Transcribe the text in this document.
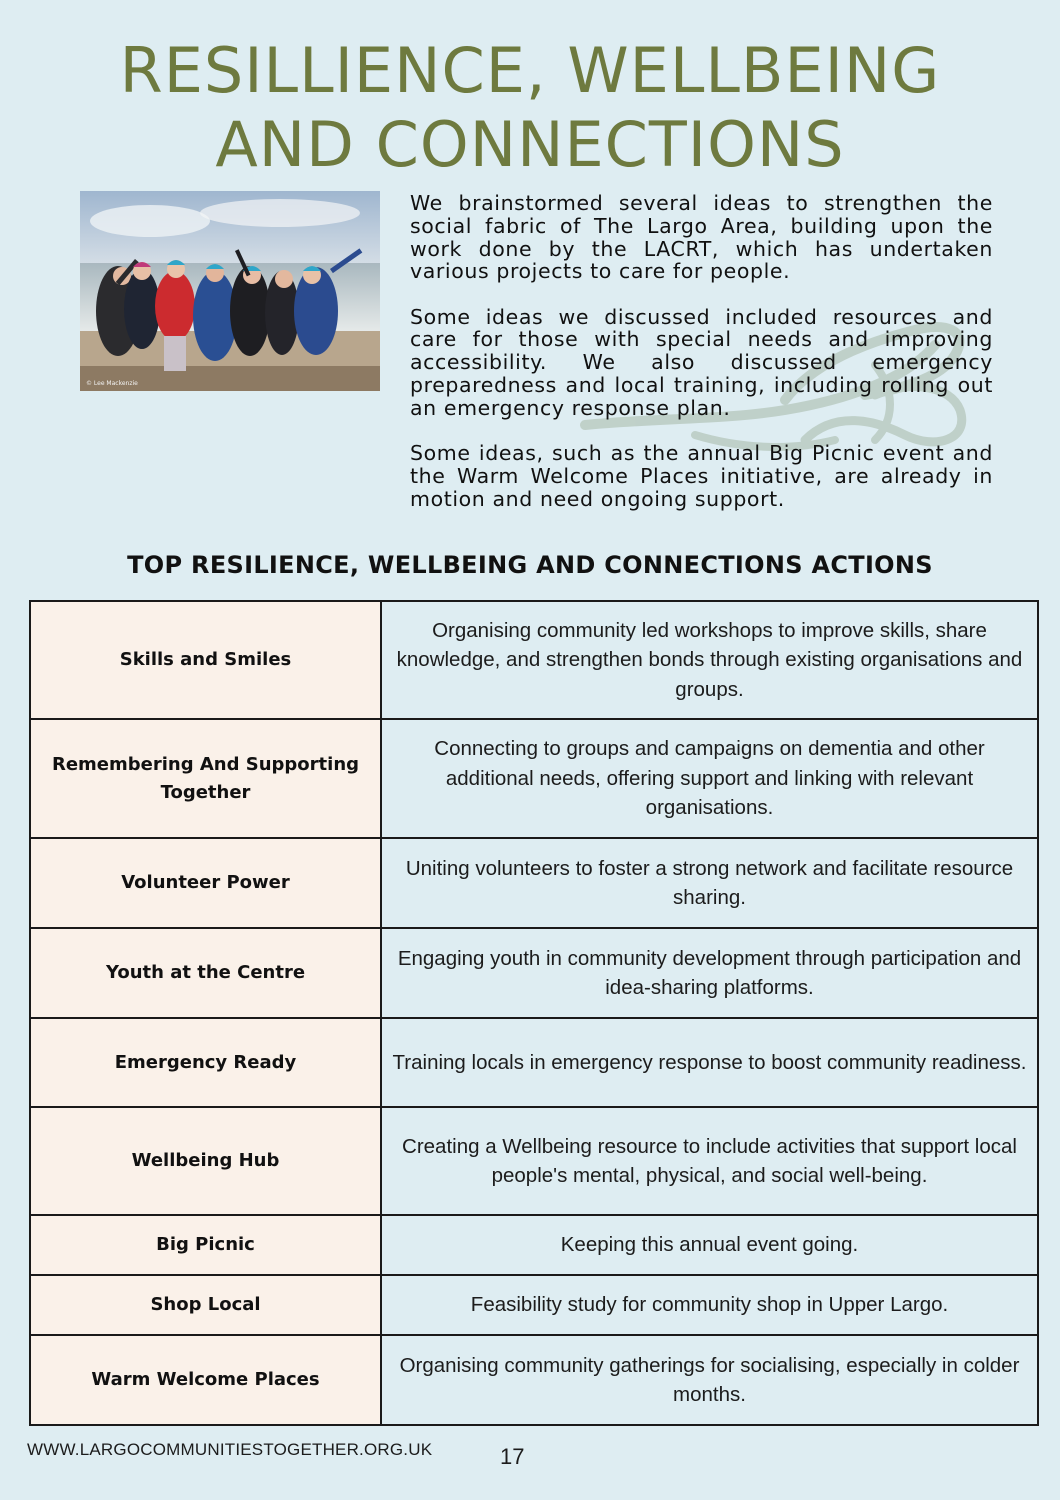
RESILLIENCE, WELLBEING
AND CONNECTIONS
© Lee Mackenzie

We brainstormed several ideas to strengthen the social fabric of The Largo Area, building upon the work done by the LACRT, which has undertaken various projects to care for people.

Some ideas we discussed included resources and care for those with special needs and improving accessibility. We also discussed emergency preparedness and local training, including rolling out an emergency response plan.

Some ideas, such as the annual Big Picnic event and the Warm Welcome Places initiative, are already in motion and need ongoing support.

TOP RESILIENCE, WELLBEING AND CONNECTIONS ACTIONS
Skills and Smiles	Organising community led workshops to improve skills, share knowledge, and strengthen bonds through existing organisations and groups.
Remembering And Supporting Together	Connecting to groups and campaigns on dementia and other additional needs, offering support and linking with relevant organisations.
Volunteer Power	Uniting volunteers to foster a strong network and facilitate resource sharing.
Youth at the Centre	Engaging youth in community development through participation and idea-sharing platforms.
Emergency Ready	Training locals in emergency response to boost community readiness.
Wellbeing Hub	Creating a Wellbeing resource to include activities that support local people's mental, physical, and social well-being.
Big Picnic	Keeping this annual event going.
Shop Local	Feasibility study for community shop in Upper Largo.
Warm Welcome Places	Organising community gatherings for socialising, especially in colder months.
WWW.LARGOCOMMUNITIESTOGETHER.ORG.UK	17
